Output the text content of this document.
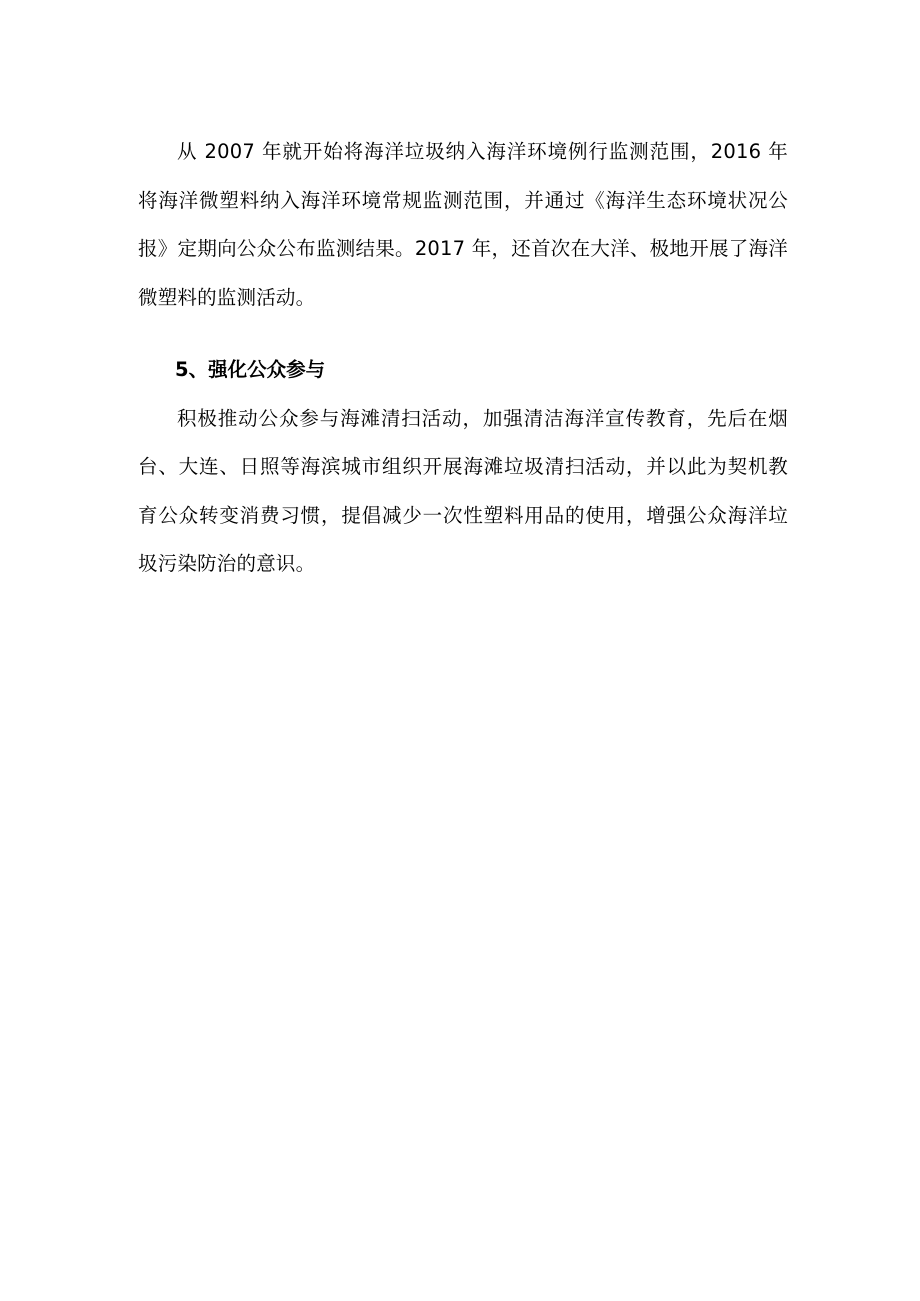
从 2007 年就开始将海洋垃圾纳入海洋环境例行监测范围，2016 年将海洋微塑料纳入海洋环境常规监测范围，并通过《海洋生态环境状况公报》定期向公众公布监测结果。2017 年，还首次在大洋、极地开展了海洋微塑料的监测活动。

5、强化公众参与

积极推动公众参与海滩清扫活动，加强清洁海洋宣传教育，先后在烟台、大连、日照等海滨城市组织开展海滩垃圾清扫活动，并以此为契机教育公众转变消费习惯，提倡减少一次性塑料用品的使用，增强公众海洋垃圾污染防治的意识。
